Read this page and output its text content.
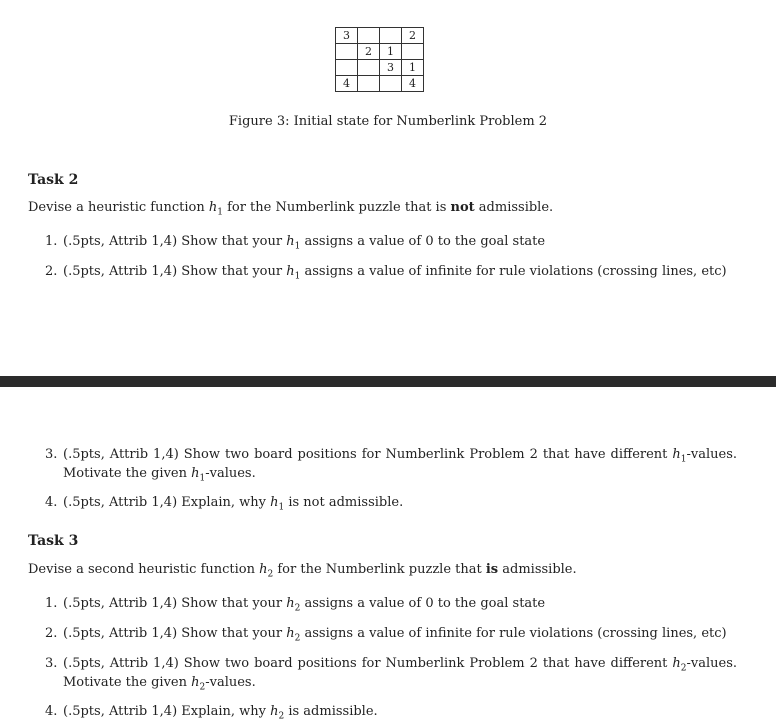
3			2
	2	1	
		3	1
4			4
Figure 3: Initial state for Numberlink Problem 2
Task 2
Devise a heuristic function $h_1$ for the Numberlink puzzle that is not admissible.
1. (.5pts, Attrib 1,4) Show that your $h_1$ assigns a value of 0 to the goal state
2. (.5pts, Attrib 1,4) Show that your $h_1$ assigns a value of infinite for rule violations (crossing lines, etc)
3. (.5pts, Attrib 1,4) Show two board positions for Numberlink Problem 2 that have different $h_1$-values.
Motivate the given $h_1$-values.
4. (.5pts, Attrib 1,4) Explain, why $h_1$ is not admissible.
Task 3
Devise a second heuristic function $h_2$ for the Numberlink puzzle that is admissible.
1. (.5pts, Attrib 1,4) Show that your $h_2$ assigns a value of 0 to the goal state
2. (.5pts, Attrib 1,4) Show that your $h_2$ assigns a value of infinite for rule violations (crossing lines, etc)
3. (.5pts, Attrib 1,4) Show two board positions for Numberlink Problem 2 that have different $h_2$-values.
Motivate the given $h_2$-values.
4. (.5pts, Attrib 1,4) Explain, why $h_2$ is admissible.
